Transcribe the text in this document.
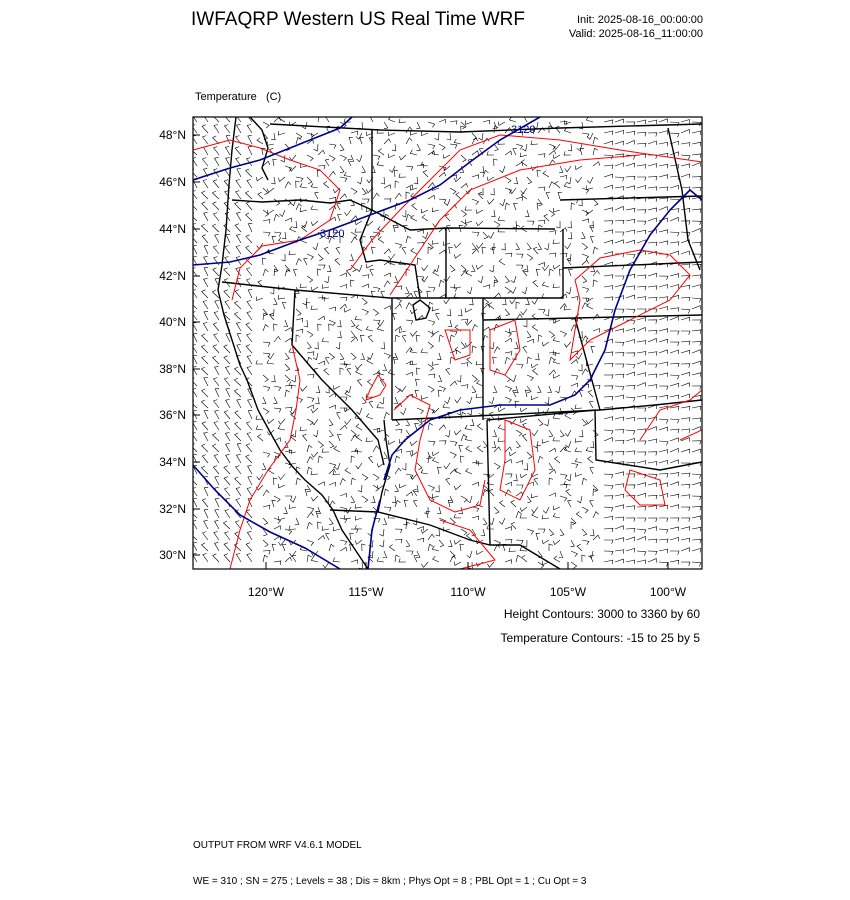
IWFAQRP Western US Real Time WRF	Init: 2025-08-16_00:00:00
Valid: 2025-08-16_11:00:00

Temperature (C)

3120
3120
48°N
46°N
44°N
42°N
40°N
38°N
36°N
34°N
32°N
30°N
120°W	115°W	110°W	105°W	100°W
Height Contours: 3000 to 3360 by 60
Temperature Contours: -15 to 25 by 5

OUTPUT FROM WRF V4.6.1 MODEL

WE = 310 ; SN = 275 ; Levels = 38 ; Dis = 8km ; Phys Opt = 8 ; PBL Opt = 1 ; Cu Opt = 3
